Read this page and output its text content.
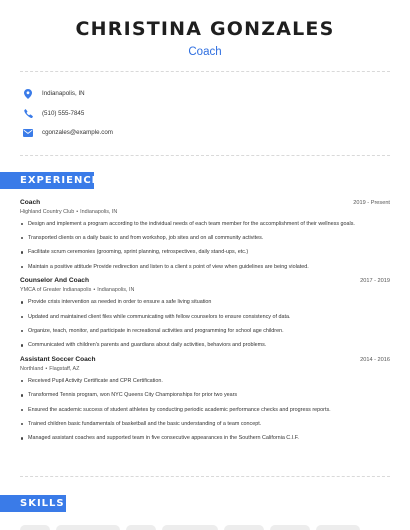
CHRISTINA GONZALES
Coach
Indianapolis, IN
(510) 555-7845
cgonzales@example.com
EXPERIENCE
Coach	2019 - Present
Highland Country Club • Indianapolis, IN
Design and implement a program according to the individual needs of each team member for the accomplishment of their wellness goals.
Transported clients on a daily basic to and from workshop, job sites and on all community activites.
Facilitate scrum ceremonies (grooming, sprint planning, retrospectives, daily stand-ups, etc.)
Maintain a positive attitude Provide redirection and listen to a client s point of view when guidelines are being violated.
Counselor And Coach	2017 - 2019
YMCA of Greater Indianapolis • Indianapolis, IN
Provide crisis intervention as needed in order to ensure a safe living situation
Updated and maintained client files while communicating with fellow counselors to ensure consistency of data.
Organize, teach, monitor, and participate in recreational activities and programming for school age children.
Communicated with children's parents and guardians about daily activities, behaviors and problems.
Assistant Soccer Coach	2014 - 2016
Northland • Flagstaff, AZ
Received Pupil Activity Certificate and CPR Certification.
Transformed Tennis program, won NYC Queens City Championships for prior two years
Ensured the academic success of student athletes by conducting periodic academic performance checks and progress reports.
Trained children basic fundamentals of basketball and the basic understanding of a team concept.
Managed assistant coaches and supported team in five consecutive appearances in the Southern California C.I.F.
SKILLS
